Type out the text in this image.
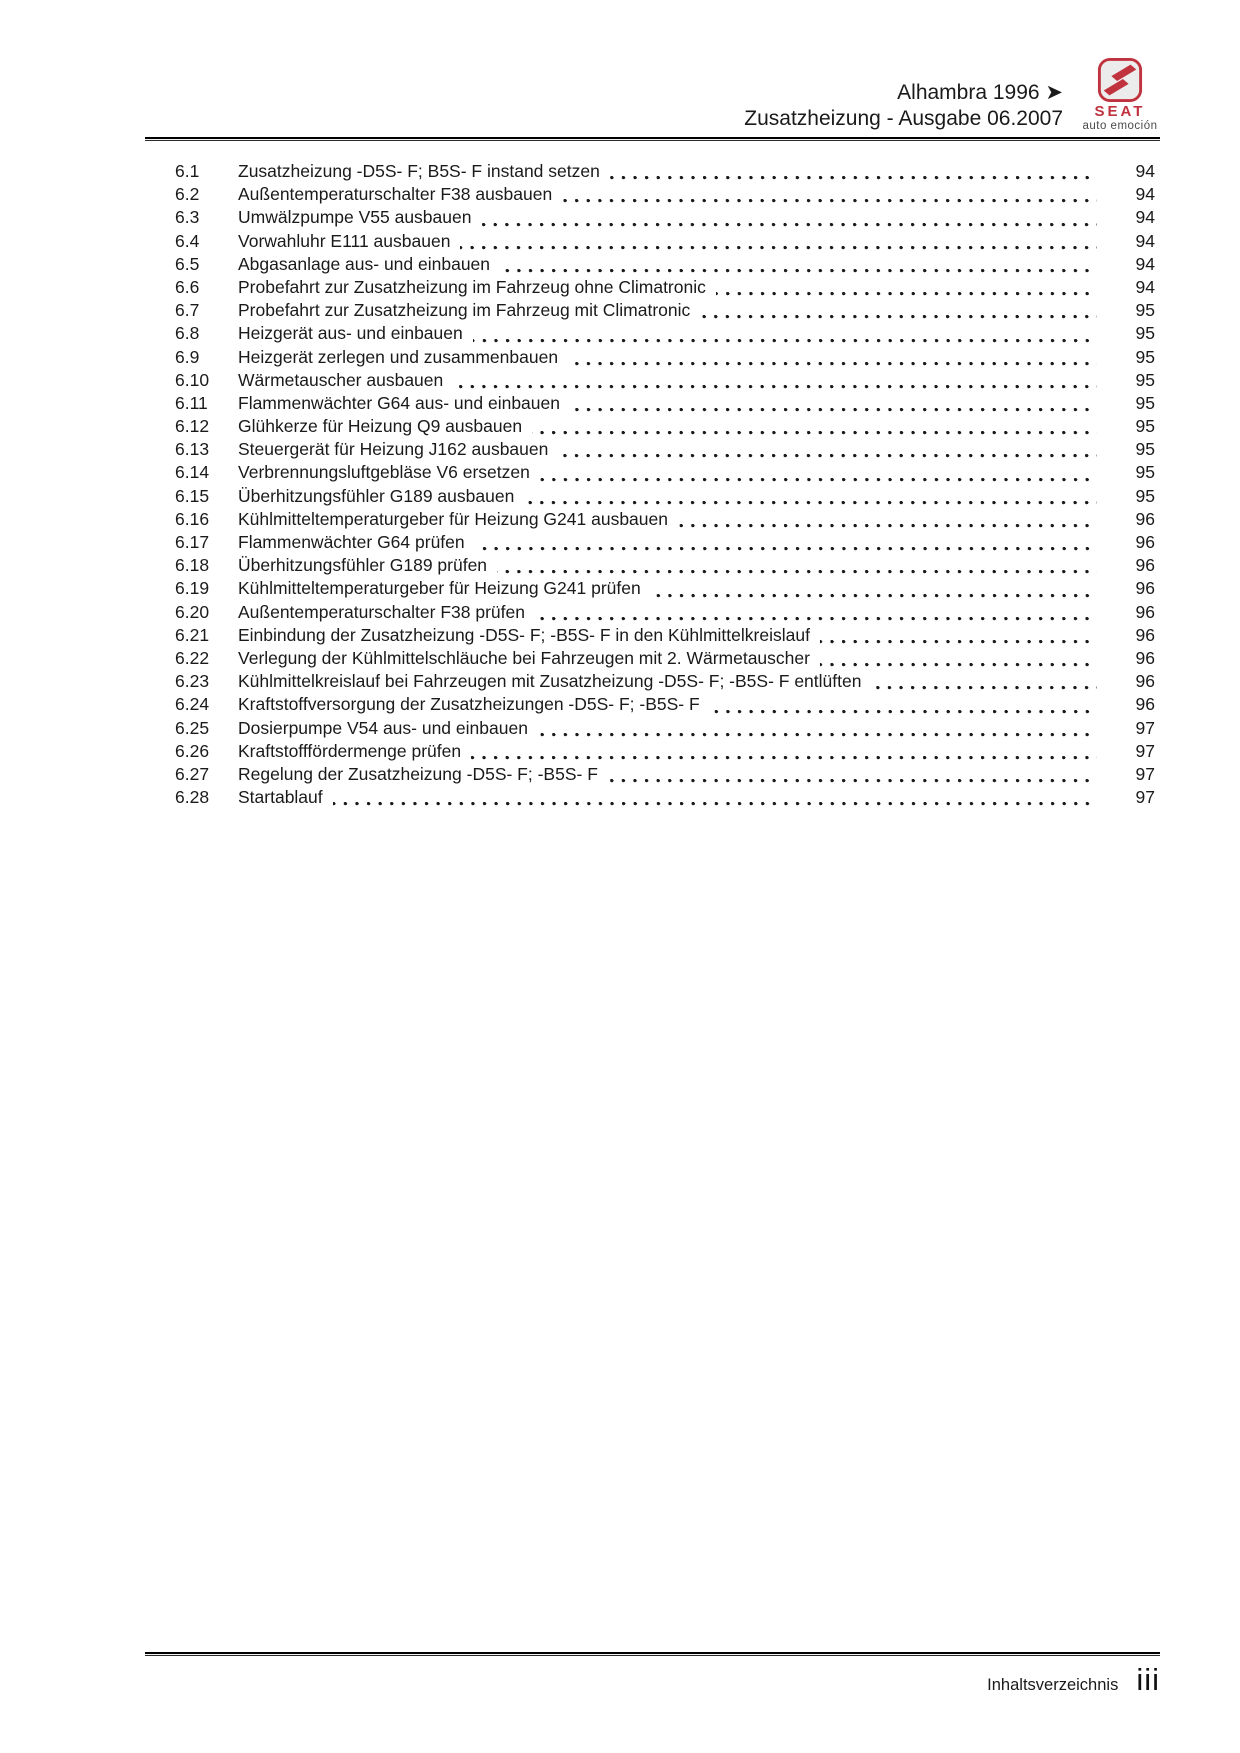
Alhambra 1996 ➤
Zusatzheizung - Ausgabe 06.2007	SEAT
auto emoción
6.1	Zusatzheizung -D5S- F; B5S- F instand setzen	94
6.2	Außentemperaturschalter F38 ausbauen	94
6.3	Umwälzpumpe V55 ausbauen	94
6.4	Vorwahluhr E111 ausbauen	94
6.5	Abgasanlage aus- und einbauen	94
6.6	Probefahrt zur Zusatzheizung im Fahrzeug ohne Climatronic	94
6.7	Probefahrt zur Zusatzheizung im Fahrzeug mit Climatronic	95
6.8	Heizgerät aus- und einbauen	95
6.9	Heizgerät zerlegen und zusammenbauen	95
6.10	Wärmetauscher ausbauen	95
6.11	Flammenwächter G64 aus- und einbauen	95
6.12	Glühkerze für Heizung Q9 ausbauen	95
6.13	Steuergerät für Heizung J162 ausbauen	95
6.14	Verbrennungsluftgebläse V6 ersetzen	95
6.15	Überhitzungsfühler G189 ausbauen	95
6.16	Kühlmitteltemperaturgeber für Heizung G241 ausbauen	96
6.17	Flammenwächter G64 prüfen	96
6.18	Überhitzungsfühler G189 prüfen	96
6.19	Kühlmitteltemperaturgeber für Heizung G241 prüfen	96
6.20	Außentemperaturschalter F38 prüfen	96
6.21	Einbindung der Zusatzheizung -D5S- F; -B5S- F in den Kühlmittelkreislauf	96
6.22	Verlegung der Kühlmittelschläuche bei Fahrzeugen mit 2. Wärmetauscher	96
6.23	Kühlmittelkreislauf bei Fahrzeugen mit Zusatzheizung -D5S- F; -B5S- F entlüften	96
6.24	Kraftstoffversorgung der Zusatzheizungen -D5S- F; -B5S- F	96
6.25	Dosierpumpe V54 aus- und einbauen	97
6.26	Kraftstofffördermenge prüfen	97
6.27	Regelung der Zusatzheizung -D5S- F; -B5S- F	97
6.28	Startablauf	97
Inhaltsverzeichnis iii
